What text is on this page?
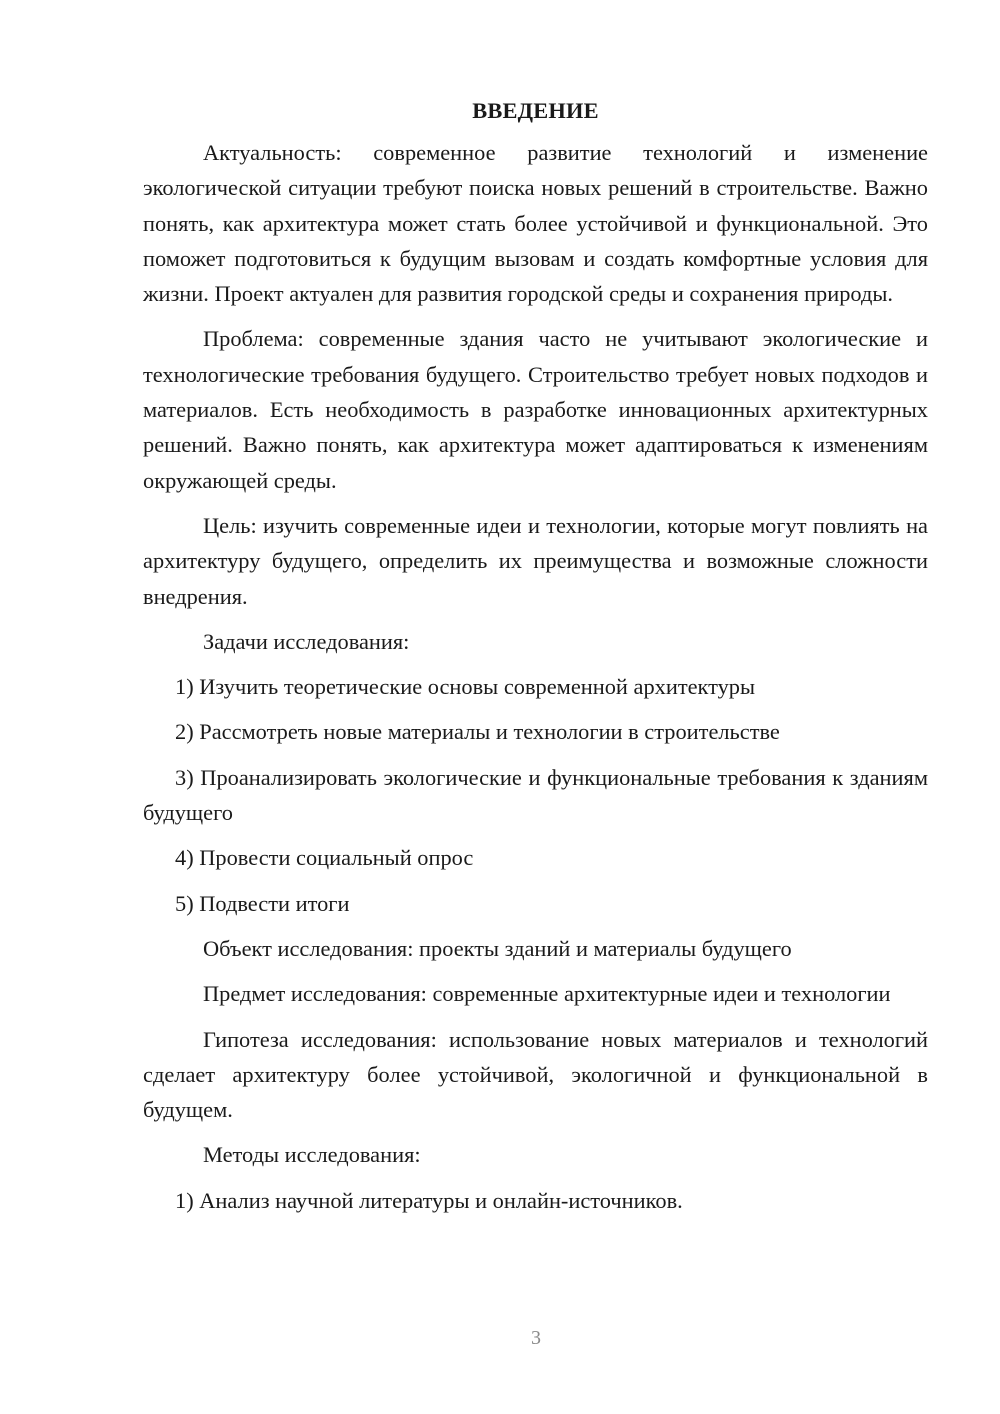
ВВЕДЕНИЕ
Актуальность: современное развитие технологий и изменение экологической ситуации требуют поиска новых решений в строительстве. Важно понять, как архитектура может стать более устойчивой и функциональной. Это поможет подготовиться к будущим вызовам и создать комфортные условия для жизни. Проект актуален для развития городской среды и сохранения природы.
Проблема: современные здания часто не учитывают экологические и технологические требования будущего. Строительство требует новых подходов и материалов. Есть необходимость в разработке инновационных архитектурных решений. Важно понять, как архитектура может адаптироваться к изменениям окружающей среды.
Цель: изучить современные идеи и технологии, которые могут повлиять на архитектуру будущего, определить их преимущества и возможные сложности внедрения.
Задачи исследования:
1) Изучить теоретические основы современной архитектуры
2) Рассмотреть новые материалы и технологии в строительстве
3) Проанализировать экологические и функциональные требования к зданиям будущего
4) Провести социальный опрос
5) Подвести итоги
Объект исследования: проекты зданий и материалы будущего
Предмет исследования: современные архитектурные идеи и технологии
Гипотеза исследования: использование новых материалов и технологий сделает архитектуру более устойчивой, экологичной и функциональной в будущем.
Методы исследования:
1) Анализ научной литературы и онлайн-источников.
3
